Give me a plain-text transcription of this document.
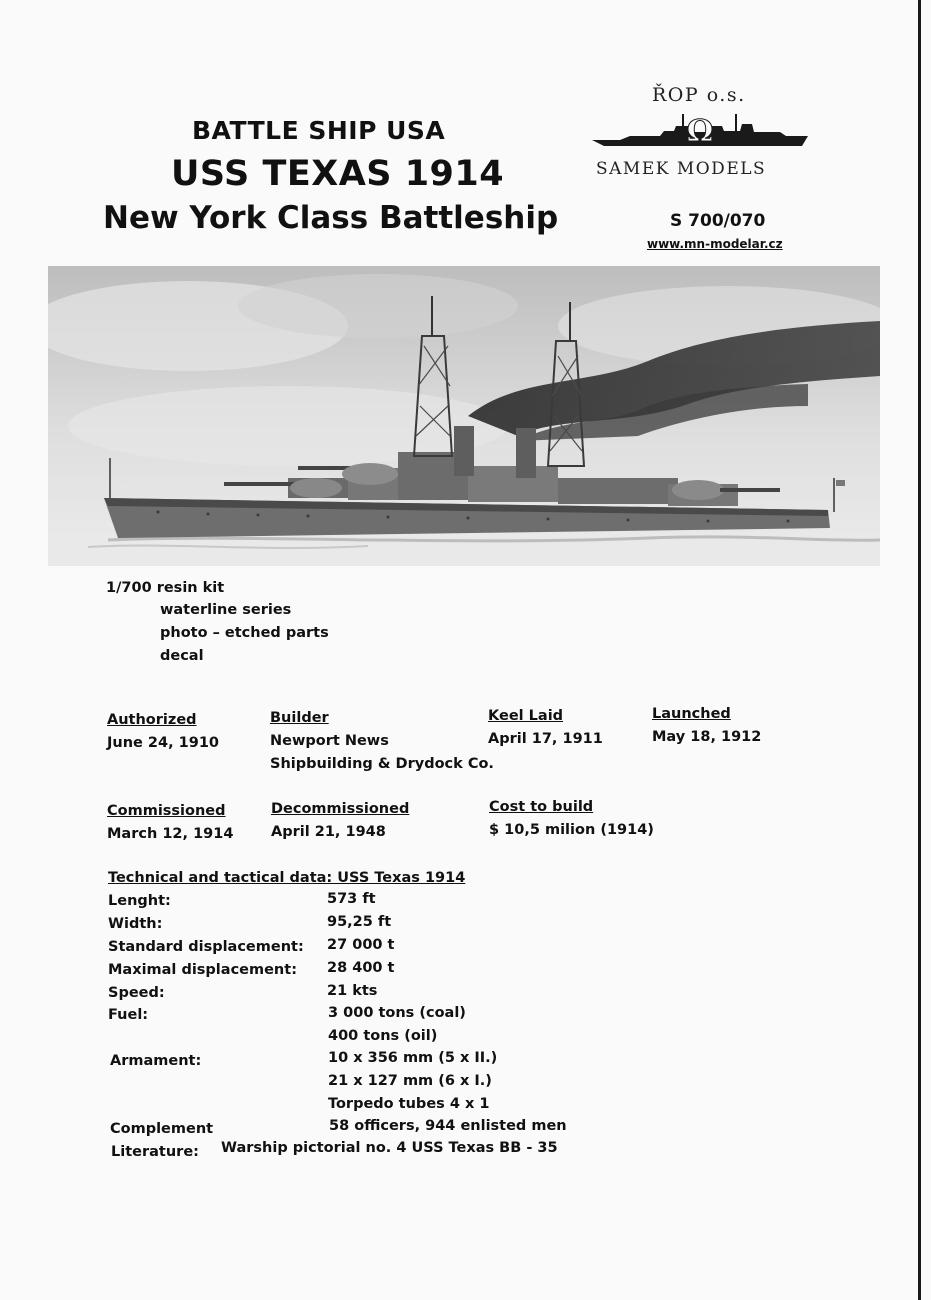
BATTLE SHIP USA
USS TEXAS 1914
New York Class Battleship
ŘOP o.s.
Ω
SAMEK MODELS
S 700/070
www.mn-modelar.cz
1/700 resin kit
waterline series
photo – etched parts
decal
Authorized
June 24, 1910
Builder
Newport News
Shipbuilding & Drydock Co.
Keel Laid
April 17, 1911
Launched
May 18, 1912
Commissioned
March 12, 1914
Decommissioned
April 21, 1948
Cost to build
$ 10,5 milion (1914)
Technical and tactical data: USS Texas 1914
Lenght:	573 ft
Width:	95,25 ft
Standard displacement: 27 000 t
Maximal displacement: 28 400 t
Speed:	21 kts
Fuel:	3 000 tons (coal)
400 tons (oil)
Armament:	10 x 356 mm (5 x II.)
21 x 127 mm (6 x I.)
Torpedo tubes 4 x 1
Complement	58 officers, 944 enlisted men
Literature: Warship pictorial no. 4 USS Texas BB - 35
